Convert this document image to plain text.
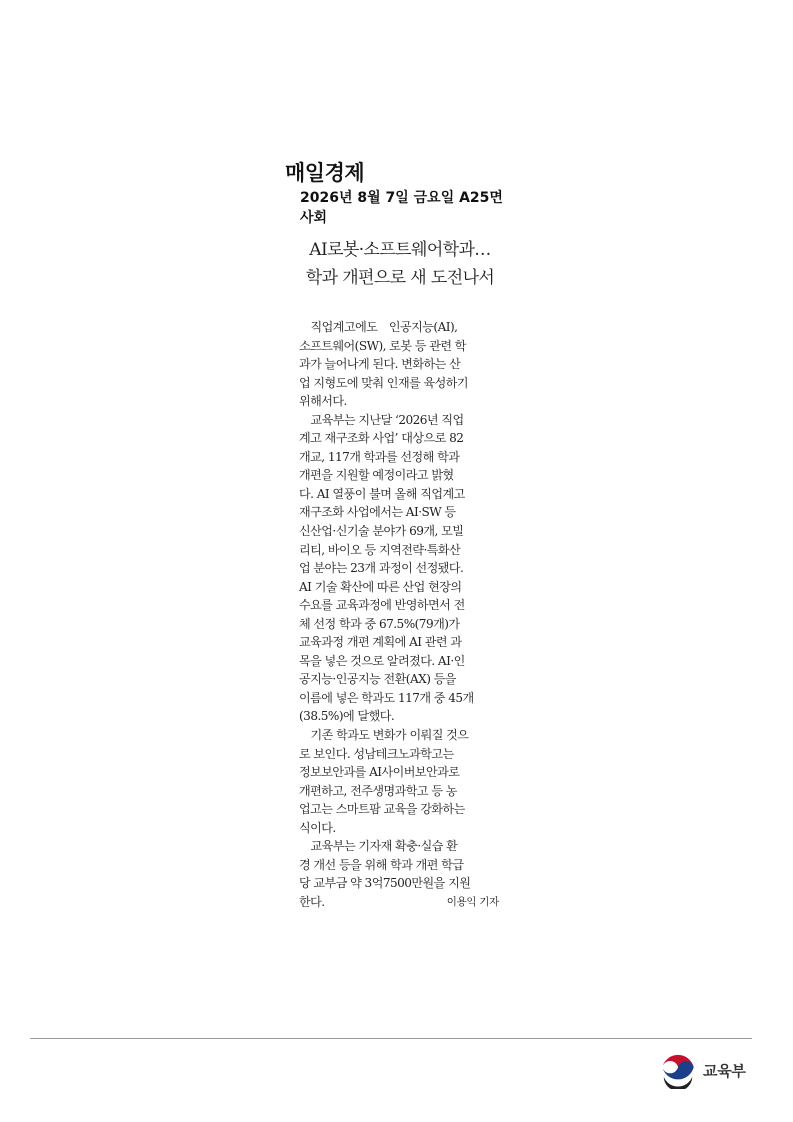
매일경제
2026년 8월 7일 금요일 A25면 사회
AI로봇·소프트웨어학과…
학과 개편으로 새 도전나서
　직업계고에도　인공지능(AI),
소프트웨어(SW), 로봇 등 관련 학
과가 늘어나게 된다. 변화하는 산
업 지형도에 맞춰 인재를 육성하기
위해서다.
　교육부는 지난달 ‘2026년 직업
계고 재구조화 사업’ 대상으로 82
개교, 117개 학과를 선정해 학과
개편을 지원할 예정이라고 밝혔
다. AI 열풍이 불며 올해 직업계고
재구조화 사업에서는 AI·SW 등
신산업·신기술 분야가 69개, 모빌
리티, 바이오 등 지역전략·특화산
업 분야는 23개 과정이 선정됐다.
AI 기술 확산에 따른 산업 현장의
수요를 교육과정에 반영하면서 전
체 선정 학과 중 67.5%(79개)가
교육과정 개편 계획에 AI 관련 과
목을 넣은 것으로 알려졌다. AI·인
공지능·인공지능 전환(AX) 등을
이름에 넣은 학과도 117개 중 45개
(38.5%)에 달했다.
　기존 학과도 변화가 이뤄질 것으
로 보인다. 성남테크노과학고는
정보보안과를 AI사이버보안과로
개편하고, 전주생명과학고 등 농
업고는 스마트팜 교육을 강화하는
식이다.
　교육부는 기자재 확충·실습 환
경 개선 등을 위해 학과 개편 학급
당 교부금 약 3억7500만원을 지원
한다.	이용익 기자
교육부
